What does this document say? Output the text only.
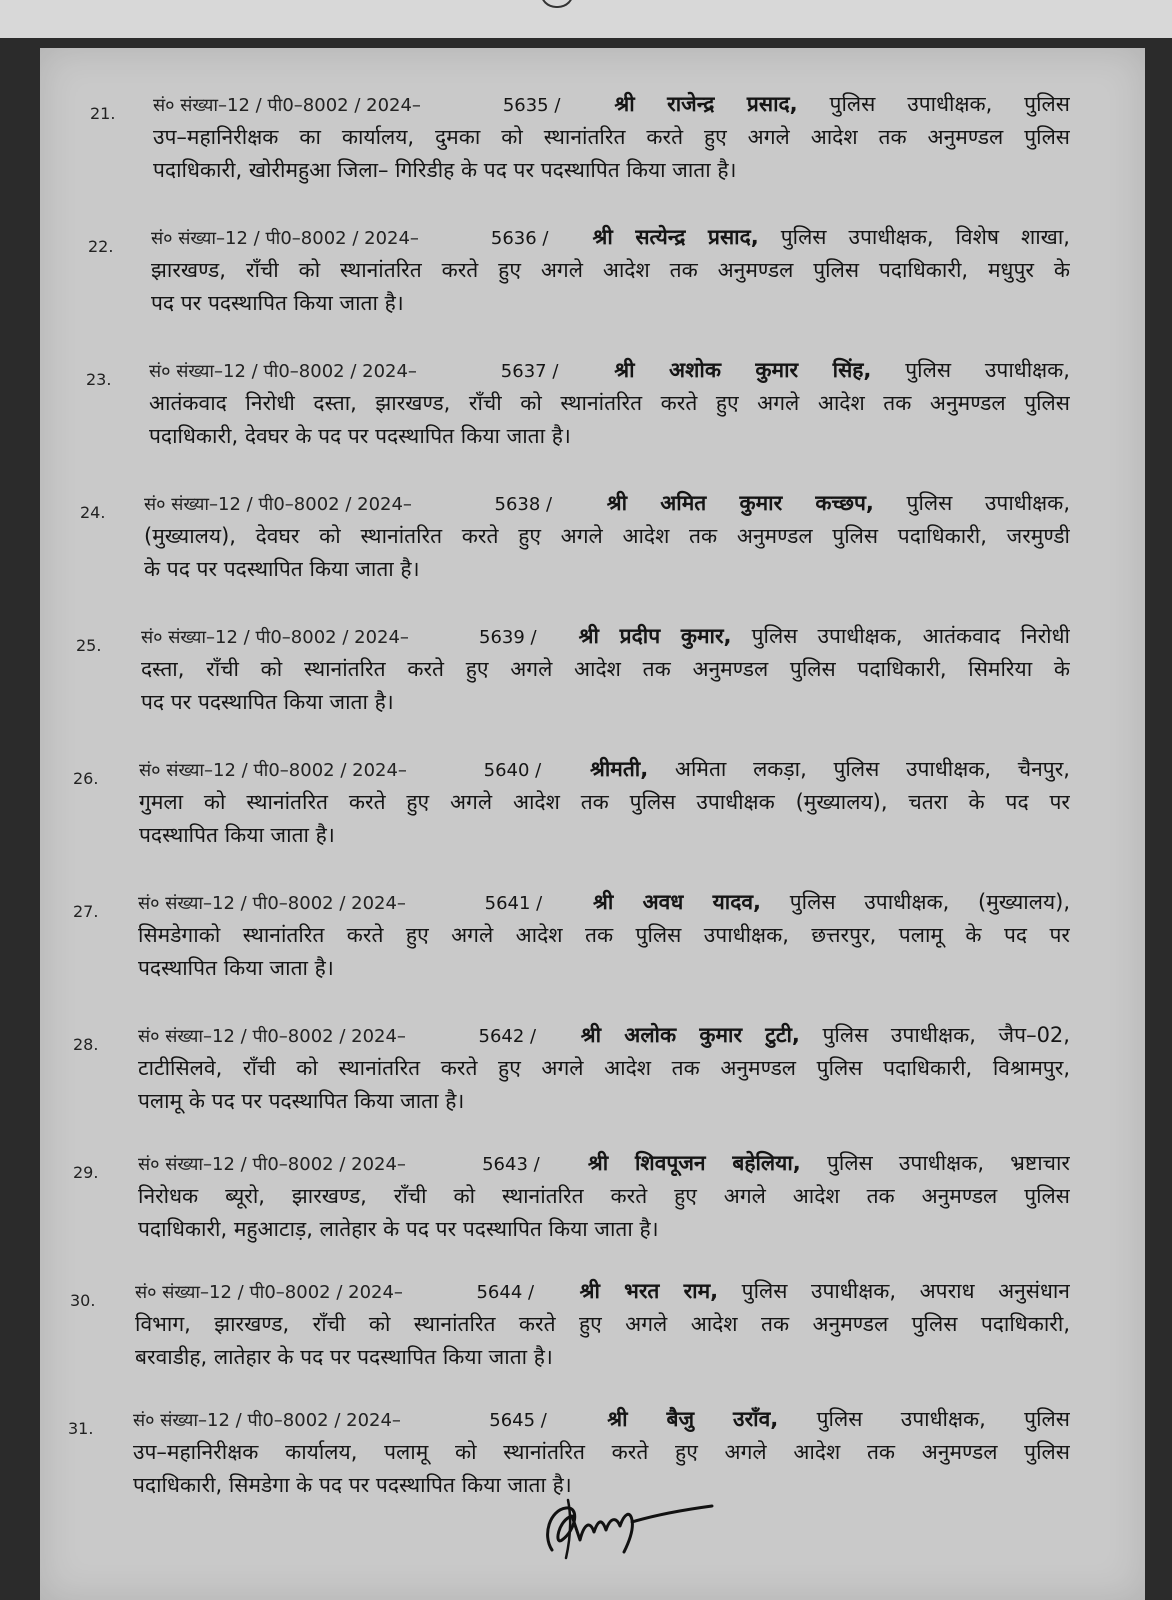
21. सं० संख्या–12 / पी0–8002 / 2024–	5635 /	श्री राजेन्द्र प्रसाद, पुलिस उपाधीक्षक, पुलिस
उप–महानिरीक्षक का कार्यालय, दुमका को स्थानांतरित करते हुए अगले आदेश तक अनुमण्डल पुलिस
पदाधिकारी, खोरीमहुआ जिला– गिरिडीह के पद पर पदस्थापित किया जाता है।
22. सं० संख्या–12 / पी0–8002 / 2024–	5636 / श्री सत्येन्द्र प्रसाद, पुलिस उपाधीक्षक, विशेष शाखा,
झारखण्ड, राँची को स्थानांतरित करते हुए अगले आदेश तक अनुमण्डल पुलिस पदाधिकारी, मधुपुर के
पद पर पदस्थापित किया जाता है।
23. सं० संख्या–12 / पी0–8002 / 2024–	5637 /	श्री अशोक कुमार सिंह, पुलिस उपाधीक्षक,
आतंकवाद निरोधी दस्ता, झारखण्ड, राँची को स्थानांतरित करते हुए अगले आदेश तक अनुमण्डल पुलिस
पदाधिकारी, देवघर के पद पर पदस्थापित किया जाता है।
24. सं० संख्या–12 / पी0–8002 / 2024–	5638 /	श्री अमित कुमार कच्छप, पुलिस उपाधीक्षक,
(मुख्यालय), देवघर को स्थानांतरित करते हुए अगले आदेश तक अनुमण्डल पुलिस पदाधिकारी, जरमुण्डी
के पद पर पदस्थापित किया जाता है।
25. सं० संख्या–12 / पी0–8002 / 2024–	5639 / श्री प्रदीप कुमार, पुलिस उपाधीक्षक, आतंकवाद निरोधी
दस्ता, राँची को स्थानांतरित करते हुए अगले आदेश तक अनुमण्डल पुलिस पदाधिकारी, सिमरिया के
पद पर पदस्थापित किया जाता है।
26. सं० संख्या–12 / पी0–8002 / 2024–	5640 / श्रीमती, अमिता लकड़ा, पुलिस उपाधीक्षक, चैनपुर,
गुमला को स्थानांतरित करते हुए अगले आदेश तक पुलिस उपाधीक्षक (मुख्यालय), चतरा के पद पर
पदस्थापित किया जाता है।
27. सं० संख्या–12 / पी0–8002 / 2024–	5641 / श्री अवध यादव, पुलिस उपाधीक्षक, (मुख्यालय),
सिमडेगाको स्थानांतरित करते हुए अगले आदेश तक पुलिस उपाधीक्षक, छत्तरपुर, पलामू के पद पर
पदस्थापित किया जाता है।
28. सं० संख्या–12 / पी0–8002 / 2024–	5642 / श्री अलोक कुमार टुटी, पुलिस उपाधीक्षक, जैप–02,
टाटीसिलवे, राँची को स्थानांतरित करते हुए अगले आदेश तक अनुमण्डल पुलिस पदाधिकारी, विश्रामपुर,
पलामू के पद पर पदस्थापित किया जाता है।
29. सं० संख्या–12 / पी0–8002 / 2024–	5643 / श्री शिवपूजन बहेलिया, पुलिस उपाधीक्षक, भ्रष्टाचार
निरोधक ब्यूरो, झारखण्ड, राँची को स्थानांतरित करते हुए अगले आदेश तक अनुमण्डल पुलिस
पदाधिकारी, महुआटाड़, लातेहार के पद पर पदस्थापित किया जाता है।
30. सं० संख्या–12 / पी0–8002 / 2024–	5644 / श्री भरत राम, पुलिस उपाधीक्षक, अपराध अनुसंधान
विभाग, झारखण्ड, राँची को स्थानांतरित करते हुए अगले आदेश तक अनुमण्डल पुलिस पदाधिकारी,
बरवाडीह, लातेहार के पद पर पदस्थापित किया जाता है।
31. सं० संख्या–12 / पी0–8002 / 2024–	5645 /	श्री बैजु उराँव, पुलिस उपाधीक्षक, पुलिस
उप–महानिरीक्षक कार्यालय, पलामू को स्थानांतरित करते हुए अगले आदेश तक अनुमण्डल पुलिस
पदाधिकारी, सिमडेगा के पद पर पदस्थापित किया जाता है।
